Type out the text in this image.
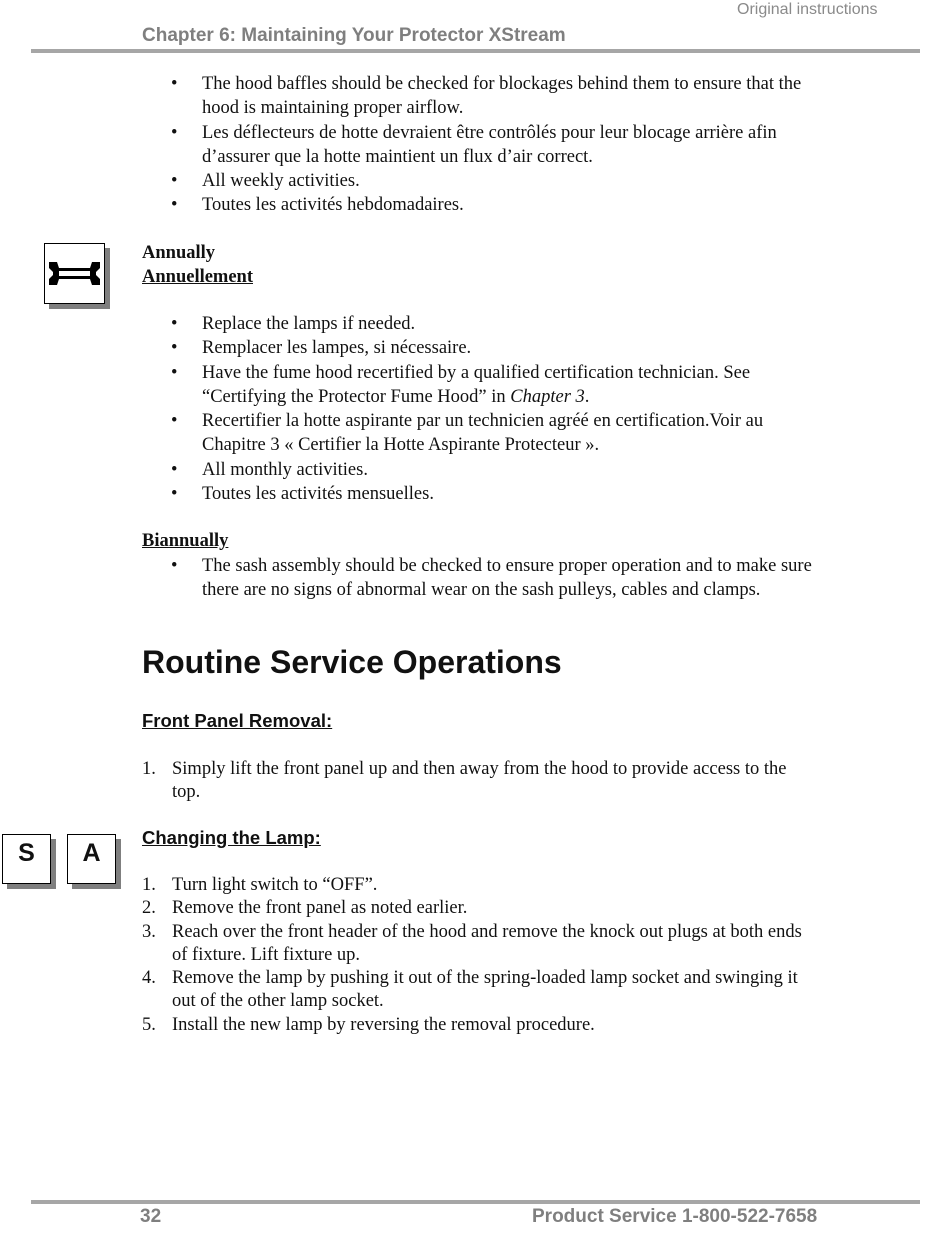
Original instructions
Chapter 6: Maintaining Your Protector XStream
• The hood baffles should be checked for blockages behind them to ensure that the hood is maintaining proper airflow.
• Les déflecteurs de hotte devraient être contrôlés pour leur blocage arrière afin d’assurer que la hotte maintient un flux d’air correct.
• All weekly activities.
• Toutes les activités hebdomadaires.
Annually
Annuellement
• Replace the lamps if needed.
• Remplacer les lampes, si nécessaire.
• Have the fume hood recertified by a qualified certification technician. See “Certifying the Protector Fume Hood” in Chapter 3.
• Recertifier la hotte aspirante par un technicien agréé en certification.Voir au Chapitre 3 « Certifier la Hotte Aspirante Protecteur ».
• All monthly activities.
• Toutes les activités mensuelles.
Biannually
• The sash assembly should be checked to ensure proper operation and to make sure there are no signs of abnormal wear on the sash pulleys, cables and clamps.
Routine Service Operations
Front Panel Removal:
1. Simply lift the front panel up and then away from the hood to provide access to the top.
S	A
Changing the Lamp:
1. Turn light switch to “OFF”.
2. Remove the front panel as noted earlier.
3. Reach over the front header of the hood and remove the knock out plugs at both ends of fixture. Lift fixture up.
4. Remove the lamp by pushing it out of the spring-loaded lamp socket and swinging it out of the other lamp socket.
5. Install the new lamp by reversing the removal procedure.
32	Product Service 1-800-522-7658
